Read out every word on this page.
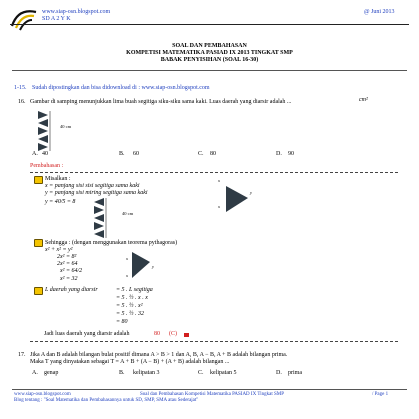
www.siap-osn.blogspot.com
SD A 2 Y K
@ Juni 2013
SOAL DAN PEMBAHASAN
KOMPETISI MATEMATIKA PASIAD IX 2013 TINGKAT SMP
BABAK PENYISIHAN (SOAL 16-30)
1-15. Sudah dipostingkan dan bisa didownload di : www.siap-osn.blogspot.com
16. Gambar di samping menunjukkan lima buah segitiga siku-siku sama kaki. Luas daerah yang diarsir adalah ...	cm²
40 cm
A. 40	B. 60	C. 80	D. 90
Pembahasan :
Misalkan :
x = panjang sisi sisi segitiga sama kaki
y = panjang sisi miring segitiga sama kaki
y = 40/5 = 8
40 cm
x
y
x
Sehingga : (dengan menggunakan teorema pythagoras)
x² + x² = y²
2x² = 8²
2x² = 64
x² = 64/2
x² = 32
x
y
x
L daerah yang diarsir	= 5 . L segitiga
= 5 . ½ . x . x
= 5 . ½ . x²
= 5 . ½ . 32
= 80
Jadi luas daerah yang diarsir adalah	80 (C)
17. Jika A dan B adalah bilangan bulat positif dimana A > B > 1 dan A, B, A − B, A + B adalah bilangan prima.
Maka T yang dinyatakan sebagai T = A + B + (A − B) + (A + B) adalah bilangan ...
A. genap	B. kelipatan 3	C. kelipatan 5	D. prima
www.siap-osn.blogspot.com	Soal dan Pembahasan Kompetisi Matematika PASIAD IX Tingkat SMP	/ Page 1
Blog tentang : "Soal Matematika dan Pembahasannya untuk SD, SMP, SMA atau Sederajat"
